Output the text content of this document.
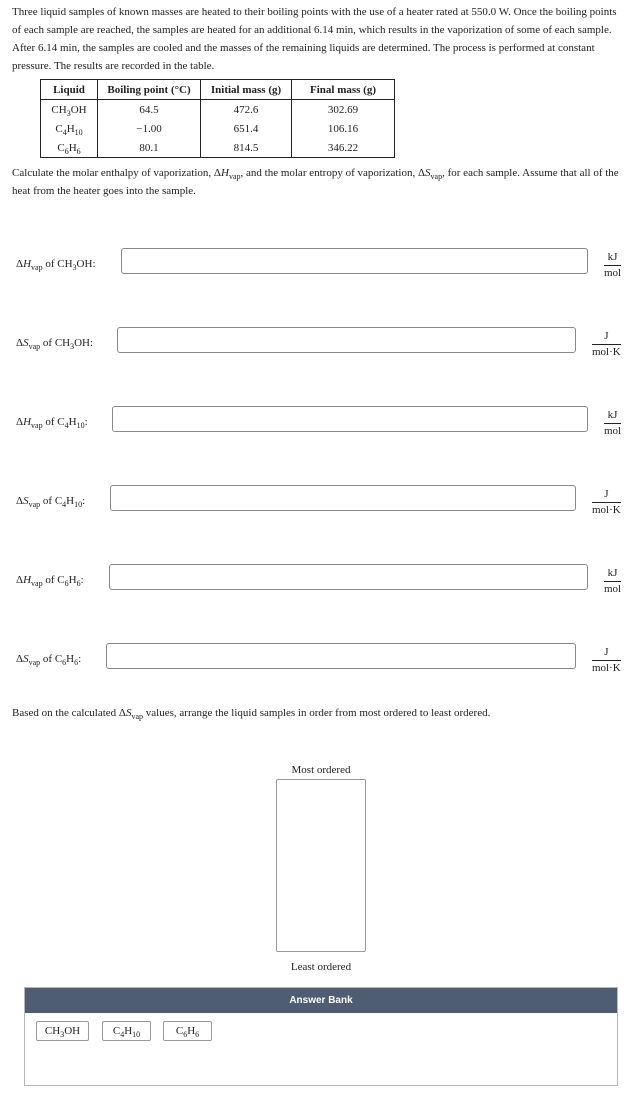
Three liquid samples of known masses are heated to their boiling points with the use of a heater rated at 550.0 W. Once the boiling points of each sample are reached, the samples are heated for an additional 6.14 min, which results in the vaporization of some of each sample. After 6.14 min, the samples are cooled and the masses of the remaining liquids are determined. The process is performed at constant pressure. The results are recorded in the table.

Liquid	Boiling point (°C)	Initial mass (g)	Final mass (g)
$CH_3OH$	64.5	472.6	302.69
$C_4H_{10}$	−1.00	651.4	106.16
$C_6H_6$	80.1	814.5	346.22

Calculate the molar enthalpy of vaporization, $\Delta H_{vap}$, and the molar entropy of vaporization, $\Delta S_{vap}$, for each sample. Assume that all of the heat from the heater goes into the sample.

$\Delta H_{vap}$ of $CH_3OH$:
kJ
mol
$\Delta S_{vap}$ of $CH_3OH$:
J
mol·K
$\Delta H_{vap}$ of $C_4H_{10}$:
kJ
mol
$\Delta S_{vap}$ of $C_4H_{10}$:
J
mol·K
$\Delta H_{vap}$ of $C_6H_6$:
kJ
mol
$\Delta S_{vap}$ of $C_6H_6$:
J
mol·K

Based on the calculated $\Delta S_{vap}$ values, arrange the liquid samples in order from most ordered to least ordered.

Most ordered
Least ordered
Answer Bank
$CH_3OH$	$C_4H_{10}$	$C_6H_6$
